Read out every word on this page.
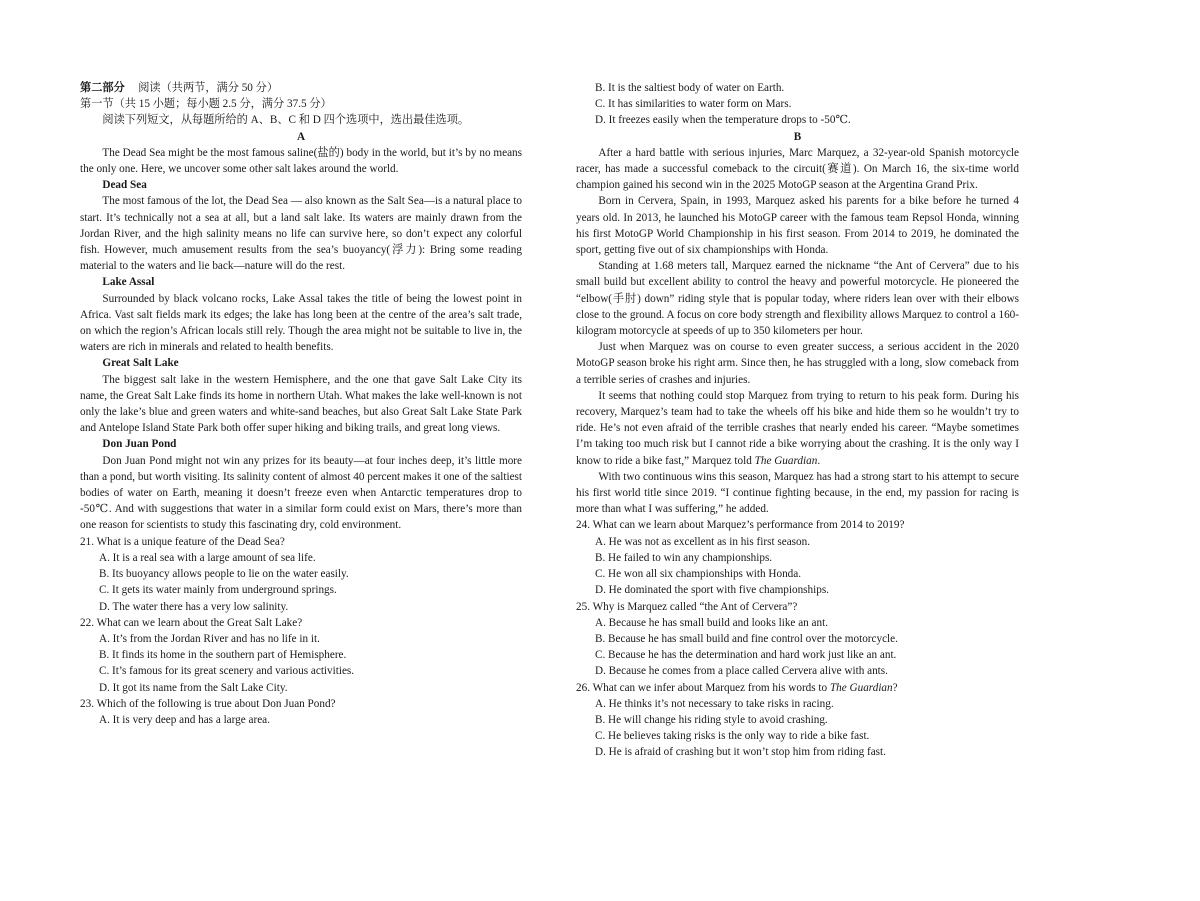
第二部分 阅读（共两节，满分 50 分）

第一节（共 15 小题；每小题 2.5 分，满分 37.5 分）

阅读下列短文，从每题所给的 A、B、C 和 D 四个选项中，选出最佳选项。

A

The Dead Sea might be the most famous saline(盐的) body in the world, but it’s by no means the only one. Here, we uncover some other salt lakes around the world.

Dead Sea

The most famous of the lot, the Dead Sea — also known as the Salt Sea—is a natural place to start. It’s technically not a sea at all, but a land salt lake. Its waters are mainly drawn from the Jordan River, and the high salinity means no life can survive here, so don’t expect any colorful fish. However, much amusement results from the sea’s buoyancy(浮力): Bring some reading material to the waters and lie back—nature will do the rest.

Lake Assal

Surrounded by black volcano rocks, Lake Assal takes the title of being the lowest point in Africa. Vast salt fields mark its edges; the lake has long been at the centre of the area’s salt trade, on which the region’s African locals still rely. Though the area might not be suitable to live in, the waters are rich in minerals and related to health benefits.

Great Salt Lake

The biggest salt lake in the western Hemisphere, and the one that gave Salt Lake City its name, the Great Salt Lake finds its home in northern Utah. What makes the lake well-known is not only the lake’s blue and green waters and white-sand beaches, but also Great Salt Lake State Park and Antelope Island State Park both offer super hiking and biking trails, and great long views.

Don Juan Pond

Don Juan Pond might not win any prizes for its beauty—at four inches deep, it’s little more than a pond, but worth visiting. Its salinity content of almost 40 percent makes it one of the saltiest bodies of water on Earth, meaning it doesn’t freeze even when Antarctic temperatures drop to -50℃. And with suggestions that water in a similar form could exist on Mars, there’s more than one reason for scientists to study this fascinating dry, cold environment.

21. What is a unique feature of the Dead Sea?

A. It is a real sea with a large amount of sea life.

B. Its buoyancy allows people to lie on the water easily.

C. It gets its water mainly from underground springs.

D. The water there has a very low salinity.

22. What can we learn about the Great Salt Lake?

A. It’s from the Jordan River and has no life in it.

B. It finds its home in the southern part of Hemisphere.

C. It’s famous for its great scenery and various activities.

D. It got its name from the Salt Lake City.

23. Which of the following is true about Don Juan Pond?

A. It is very deep and has a large area.

B. It is the saltiest body of water on Earth.

C. It has similarities to water form on Mars.

D. It freezes easily when the temperature drops to -50℃.

B

After a hard battle with serious injuries, Marc Marquez, a 32-year-old Spanish motorcycle racer, has made a successful comeback to the circuit(赛道). On March 16, the six-time world champion gained his second win in the 2025 MotoGP season at the Argentina Grand Prix.

Born in Cervera, Spain, in 1993, Marquez asked his parents for a bike before he turned 4 years old. In 2013, he launched his MotoGP career with the famous team Repsol Honda, winning his first MotoGP World Championship in his first season. From 2014 to 2019, he dominated the sport, getting five out of six championships with Honda.

Standing at 1.68 meters tall, Marquez earned the nickname “the Ant of Cervera” due to his small build but excellent ability to control the heavy and powerful motorcycle. He pioneered the “elbow(手肘) down” riding style that is popular today, where riders lean over with their elbows close to the ground. A focus on core body strength and flexibility allows Marquez to control a 160-kilogram motorcycle at speeds of up to 350 kilometers per hour.

Just when Marquez was on course to even greater success, a serious accident in the 2020 MotoGP season broke his right arm. Since then, he has struggled with a long, slow comeback from a terrible series of crashes and injuries.

It seems that nothing could stop Marquez from trying to return to his peak form. During his recovery, Marquez’s team had to take the wheels off his bike and hide them so he wouldn’t try to ride. He’s not even afraid of the terrible crashes that nearly ended his career. “Maybe sometimes I’m taking too much risk but I cannot ride a bike worrying about the crashing. It is the only way I know to ride a bike fast,” Marquez told The Guardian.

With two continuous wins this season, Marquez has had a strong start to his attempt to secure his first world title since 2019. “I continue fighting because, in the end, my passion for racing is more than what I was suffering,” he added.

24. What can we learn about Marquez’s performance from 2014 to 2019?

A. He was not as excellent as in his first season.

B. He failed to win any championships.

C. He won all six championships with Honda.

D. He dominated the sport with five championships.

25. Why is Marquez called “the Ant of Cervera”?

A. Because he has small build and looks like an ant.

B. Because he has small build and fine control over the motorcycle.

C. Because he has the determination and hard work just like an ant.

D. Because he comes from a place called Cervera alive with ants.

26. What can we infer about Marquez from his words to The Guardian?

A. He thinks it’s not necessary to take risks in racing.

B. He will change his riding style to avoid crashing.

C. He believes taking risks is the only way to ride a bike fast.

D. He is afraid of crashing but it won’t stop him from riding fast.
